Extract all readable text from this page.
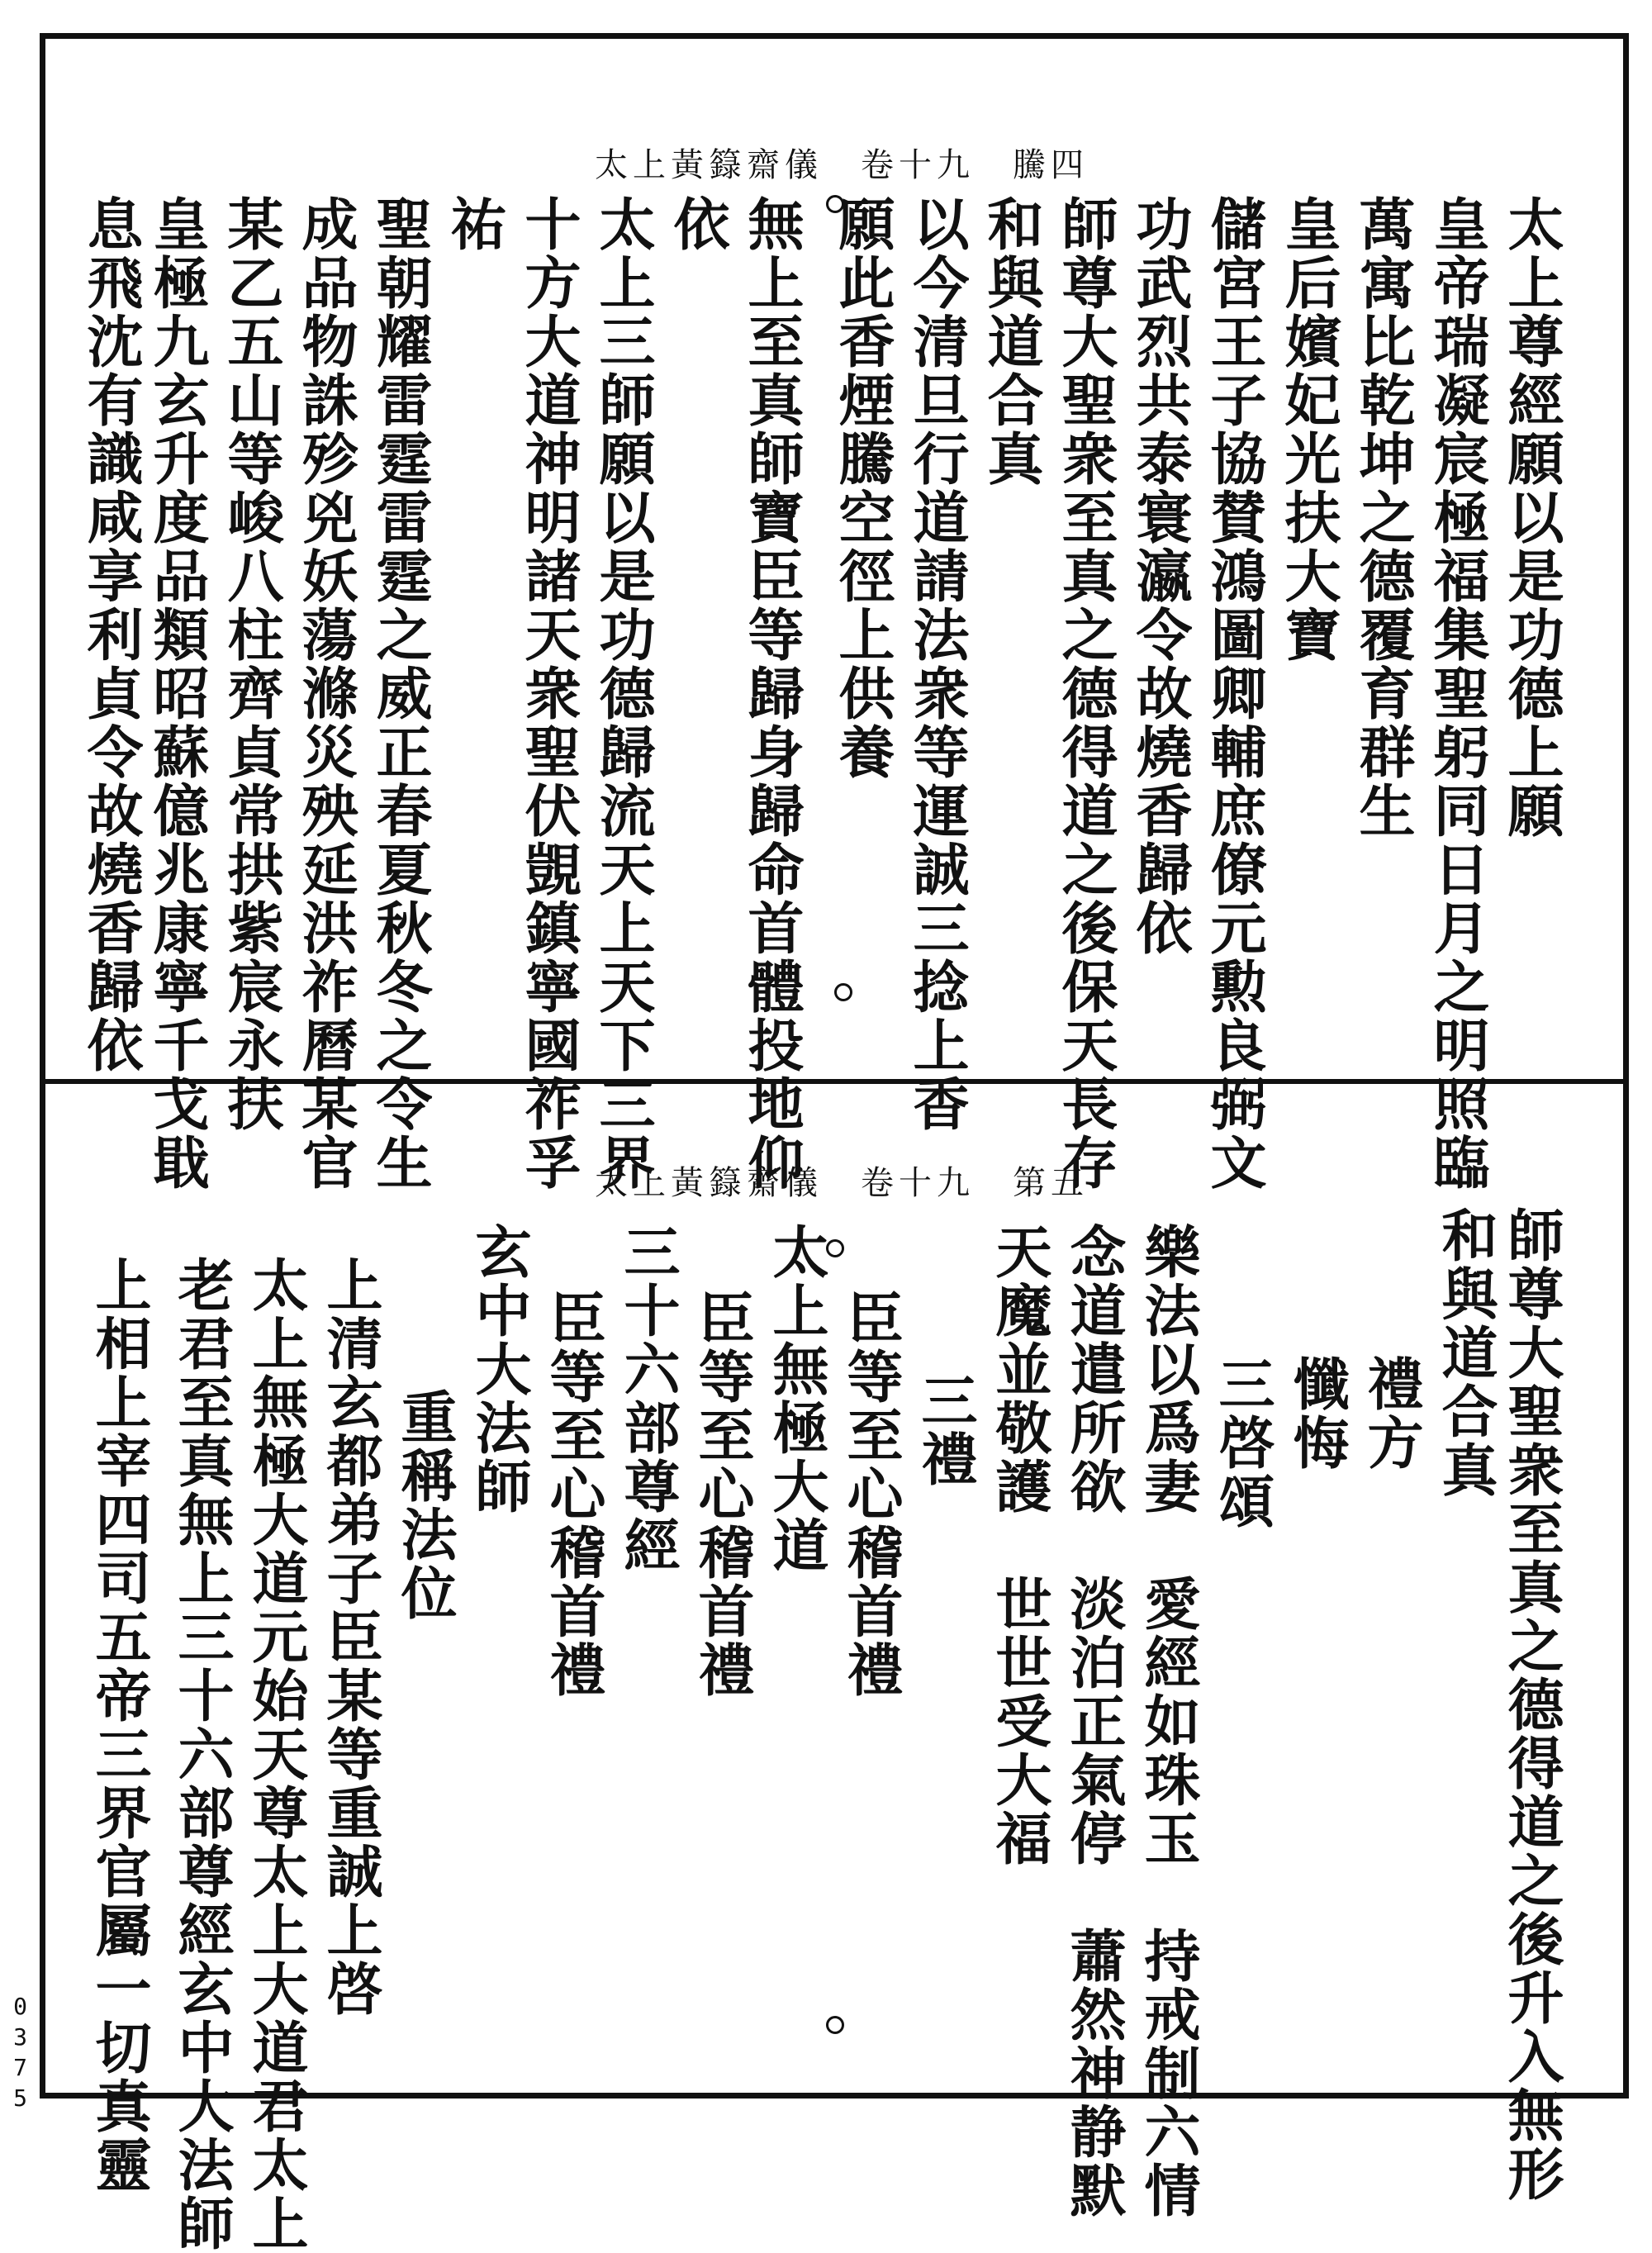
太上黃籙齋儀　卷十九　騰四
太上尊經願以是功德上願
皇帝瑞凝宸極福集聖躬同日月之明照臨
萬寓比乾坤之德覆育群生
皇后嬪妃光扶大寶
儲宮王子協賛鴻圖卿輔庶僚元勲良弼文
功武烈共泰寰瀛令故燒香歸依
師尊大聖衆至真之德得道之後保天長存
和與道合真
以今清旦行道請法衆等運誠三捻上香
願此香煙騰空徑上供養
無上至真師寶臣等歸身歸命首體投地仰
依
太上三師願以是功德歸流天上天下三界
十方大道神明諸天衆聖伏覬鎮寧國祚孚
祐
聖朝耀雷霆雷霆之威正春夏秋冬之令生
成品物誅殄兇妖蕩滌災殃延洪祚曆某官
某乙五山等峻八柱齊貞常拱紫宸永扶
皇極九玄升度品類昭蘇億兆康寧千戈戢
息飛沈有識咸享利貞令故燒香歸依
太上黃籙齋儀　卷十九　第五
師尊大聖衆至真之德得道之後升入無形
和與道合真
禮方
懺悔
三啓頌
樂法以爲妻　愛經如珠玉　持戒制六情
念道遣所欲　淡泊正氣停　蕭然神静默
天魔並敬護　世世受大福
三禮
臣等至心稽首禮
太上無極大道
臣等至心稽首禮
三十六部尊經
臣等至心稽首禮
玄中大法師
重稱法位
上清玄都弟子臣某等重誠上啓
太上無極大道元始天尊太上大道君太上
老君至真無上三十六部尊經玄中大法師
上相上宰四司五帝三界官屬一切真靈
0375
